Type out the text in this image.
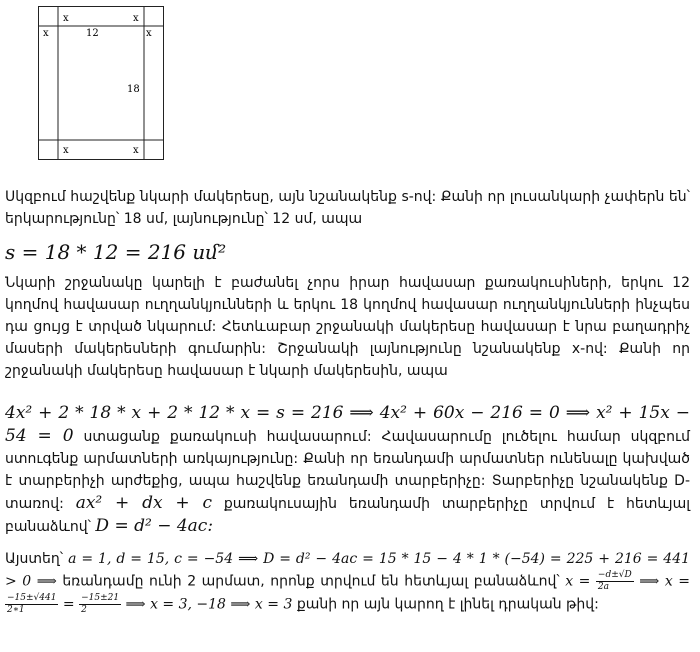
x	x
x	x
12
18
x	x

Սկզբում հաշվենք նկարի մակերեսը, այն նշանակենք s-ով: Քանի որ լուսանկարի չափերն են՝ երկարությունը՝ 18 սմ, լայնությունը՝ 12 սմ, ապա

s = 18 * 12 = 216 սմ²

Նկարի շրջանակը կարելի է բաժանել չորս իրար հավասար քառակուսիների, երկու 12 կողմով հավասար ուղղանկյունների և երկու 18 կողմով հավասար ուղղանկյունների ինչպես դա ցույց է տրված նկարում: Հետևաբար շրջանակի մակերեսը հավասար է նրա բաղադրիչ մասերի մակերեսների գումարին: Շրջանակի լայնությունը նշանակենք x-ով: Քանի որ շրջանակի մակերեսը հավասար է նկարի մակերեսին, ապա

4x² + 2 * 18 * x + 2 * 12 * x = s = 216 ⟹ 4x² + 60x − 216 = 0 ⟹ x² + 15x − 54 = 0 ստացանք քառակուսի հավասարում: Հավասարումը լուծելու համար սկզբում ստուգենք արմատների առկայությունը: Քանի որ եռանդամի արմատներ ունենալը կախված է տարբերիչի արժեքից, ապա հաշվենք եռանդամի տարբերիչը: Տարբերիչը նշանակենք D-տառով: ax² + dx + c քառակուսային եռանդամի տարբերիչը տրվում է հետևյալ բանաձևով՝ D = d² − 4ac:

Այստեղ՝ a = 1, d = 15, c = −54 ⟹ D = d² − 4ac = 15 * 15 − 4 * 1 * (−54) = 225 + 216 = 441 > 0 ⟹ եռանդամը ունի 2 արմատ, որոնք տրվում են հետևյալ բանաձևով՝ $x = \frac{-d\pm√D}{2a}$ ⟹ x =
$\frac{-15\pm√441}{2∗1} = \frac{-15\pm 21}{2}$ ⟹ x = 3, −18 ⟹ x = 3 քանի որ այն կարող է լինել դրական թիվ:
